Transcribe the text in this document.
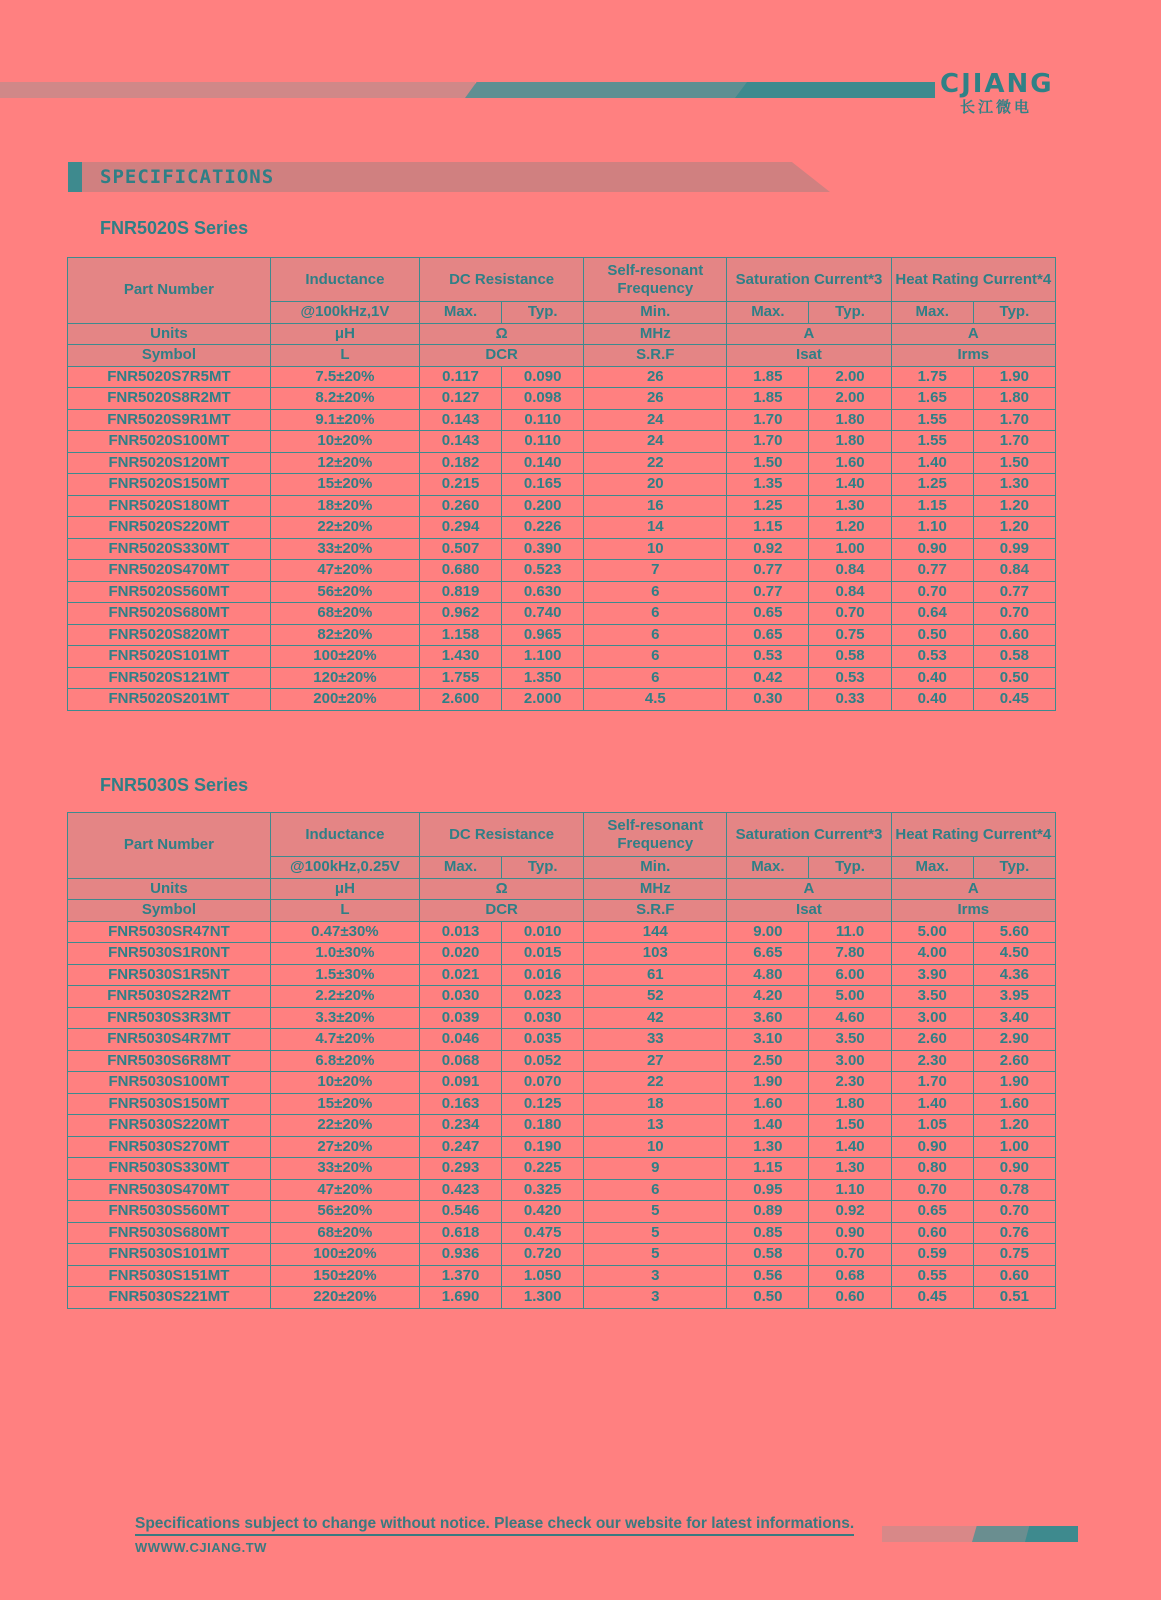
CJIANG
长江微电
SPECIFICATIONS
FNR5020S Series
Part Number	Inductance	DC Resistance		Self-resonant Frequency	Saturation Current*3		Heat Rating Current*4	
	@100kHz,1V	Max.	Typ.	Min.	Max.	Typ.	Max.	Typ.
Units	μH	Ω		MHz	A		A	
Symbol	L	DCR		S.R.F	Isat		Irms	
FNR5020S7R5MT	7.5±20%	0.117	0.090	26	1.85	2.00	1.75	1.90
FNR5020S8R2MT	8.2±20%	0.127	0.098	26	1.85	2.00	1.65	1.80
FNR5020S9R1MT	9.1±20%	0.143	0.110	24	1.70	1.80	1.55	1.70
FNR5020S100MT	10±20%	0.143	0.110	24	1.70	1.80	1.55	1.70
FNR5020S120MT	12±20%	0.182	0.140	22	1.50	1.60	1.40	1.50
FNR5020S150MT	15±20%	0.215	0.165	20	1.35	1.40	1.25	1.30
FNR5020S180MT	18±20%	0.260	0.200	16	1.25	1.30	1.15	1.20
FNR5020S220MT	22±20%	0.294	0.226	14	1.15	1.20	1.10	1.20
FNR5020S330MT	33±20%	0.507	0.390	10	0.92	1.00	0.90	0.99
FNR5020S470MT	47±20%	0.680	0.523	7	0.77	0.84	0.77	0.84
FNR5020S560MT	56±20%	0.819	0.630	6	0.77	0.84	0.70	0.77
FNR5020S680MT	68±20%	0.962	0.740	6	0.65	0.70	0.64	0.70
FNR5020S820MT	82±20%	1.158	0.965	6	0.65	0.75	0.50	0.60
FNR5020S101MT	100±20%	1.430	1.100	6	0.53	0.58	0.53	0.58
FNR5020S121MT	120±20%	1.755	1.350	6	0.42	0.53	0.40	0.50
FNR5020S201MT	200±20%	2.600	2.000	4.5	0.30	0.33	0.40	0.45
FNR5030S Series
Part Number	Inductance	DC Resistance		Self-resonant Frequency	Saturation Current*3		Heat Rating Current*4	
	@100kHz,0.25V	Max.	Typ.	Min.	Max.	Typ.	Max.	Typ.
Units	μH	Ω		MHz	A		A	
Symbol	L	DCR		S.R.F	Isat		Irms	
FNR5030SR47NT	0.47±30%	0.013	0.010	144	9.00	11.0	5.00	5.60
FNR5030S1R0NT	1.0±30%	0.020	0.015	103	6.65	7.80	4.00	4.50
FNR5030S1R5NT	1.5±30%	0.021	0.016	61	4.80	6.00	3.90	4.36
FNR5030S2R2MT	2.2±20%	0.030	0.023	52	4.20	5.00	3.50	3.95
FNR5030S3R3MT	3.3±20%	0.039	0.030	42	3.60	4.60	3.00	3.40
FNR5030S4R7MT	4.7±20%	0.046	0.035	33	3.10	3.50	2.60	2.90
FNR5030S6R8MT	6.8±20%	0.068	0.052	27	2.50	3.00	2.30	2.60
FNR5030S100MT	10±20%	0.091	0.070	22	1.90	2.30	1.70	1.90
FNR5030S150MT	15±20%	0.163	0.125	18	1.60	1.80	1.40	1.60
FNR5030S220MT	22±20%	0.234	0.180	13	1.40	1.50	1.05	1.20
FNR5030S270MT	27±20%	0.247	0.190	10	1.30	1.40	0.90	1.00
FNR5030S330MT	33±20%	0.293	0.225	9	1.15	1.30	0.80	0.90
FNR5030S470MT	47±20%	0.423	0.325	6	0.95	1.10	0.70	0.78
FNR5030S560MT	56±20%	0.546	0.420	5	0.89	0.92	0.65	0.70
FNR5030S680MT	68±20%	0.618	0.475	5	0.85	0.90	0.60	0.76
FNR5030S101MT	100±20%	0.936	0.720	5	0.58	0.70	0.59	0.75
FNR5030S151MT	150±20%	1.370	1.050	3	0.56	0.68	0.55	0.60
FNR5030S221MT	220±20%	1.690	1.300	3	0.50	0.60	0.45	0.51
Specifications subject to change without notice. Please check our website for latest informations.
WWWW.CJIANG.TW
